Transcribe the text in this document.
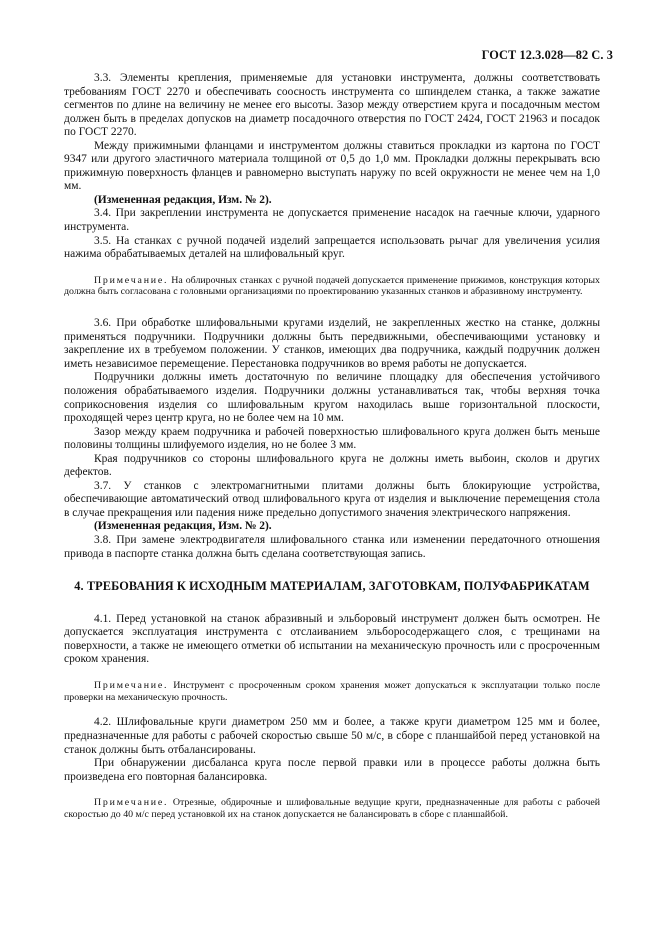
ГОСТ 12.3.028—82 С. 3

3.3. Элементы крепления, применяемые для установки инструмента, должны соответствовать требованиям ГОСТ 2270 и обеспечивать соосность инструмента со шпинделем станка, а также зажатие сегментов по длине на величину не менее его высоты. Зазор между отверстием круга и посадочным местом должен быть в пределах допусков на диаметр посадочного отверстия по ГОСТ 2424, ГОСТ 21963 и посадок по ГОСТ 2270.

Между прижимными фланцами и инструментом должны ставиться прокладки из картона по ГОСТ 9347 или другого эластичного материала толщиной от 0,5 до 1,0 мм. Прокладки должны перекрывать всю прижимную поверхность фланцев и равномерно выступать наружу по всей окружности не менее чем на 1,0 мм.

(Измененная редакция, Изм. № 2).

3.4. При закреплении инструмента не допускается применение насадок на гаечные ключи, ударного инструмента.

3.5. На станках с ручной подачей изделий запрещается использовать рычаг для увеличения усилия нажима обрабатываемых деталей на шлифовальный круг.

Примечание. На облирочных станках с ручной подачей допускается применение прижимов, конструкция которых должна быть согласована с головными организациями по проектированию указанных станков и абразивному инструменту.

3.6. При обработке шлифовальными кругами изделий, не закрепленных жестко на станке, должны применяться подручники. Подручники должны быть передвижными, обеспечивающими установку и закрепление их в требуемом положении. У станков, имеющих два подручника, каждый подручник должен иметь независимое перемещение. Перестановка подручников во время работы не допускается.

Подручники должны иметь достаточную по величине площадку для обеспечения устойчивого положения обрабатываемого изделия. Подручники должны устанавливаться так, чтобы верхняя точка соприкосновения изделия со шлифовальным кругом находилась выше горизонтальной плоскости, проходящей через центр круга, но не более чем на 10 мм.

Зазор между краем подручника и рабочей поверхностью шлифовального круга должен быть меньше половины толщины шлифуемого изделия, но не более 3 мм.

Края подручников со стороны шлифовального круга не должны иметь выбоин, сколов и других дефектов.

3.7. У станков с электромагнитными плитами должны быть блокирующие устройства, обеспечивающие автоматический отвод шлифовального круга от изделия и выключение перемещения стола в случае прекращения или падения ниже предельно допустимого значения электрического напряжения.

(Измененная редакция, Изм. № 2).

3.8. При замене электродвигателя шлифовального станка или изменении передаточного отношения привода в паспорте станка должна быть сделана соответствующая запись.

4. ТРЕБОВАНИЯ К ИСХОДНЫМ МАТЕРИАЛАМ, ЗАГОТОВКАМ, ПОЛУФАБРИКАТАМ

4.1. Перед установкой на станок абразивный и эльборовый инструмент должен быть осмотрен. Не допускается эксплуатация инструмента с отслаиванием эльборосодержащего слоя, с трещинами на поверхности, а также не имеющего отметки об испытании на механическую прочность или с просроченным сроком хранения.

Примечание. Инструмент с просроченным сроком хранения может допускаться к эксплуатации только после проверки на механическую прочность.

4.2. Шлифовальные круги диаметром 250 мм и более, а также круги диаметром 125 мм и более, предназначенные для работы с рабочей скоростью свыше 50 м/с, в сборе с планшайбой перед установкой на станок должны быть отбалансированы.

При обнаружении дисбаланса круга после первой правки или в процессе работы должна быть произведена его повторная балансировка.

Примечание. Отрезные, обдирочные и шлифовальные ведущие круги, предназначенные для работы с рабочей скоростью до 40 м/с перед установкой их на станок допускается не балансировать в сборе с планшайбой.
